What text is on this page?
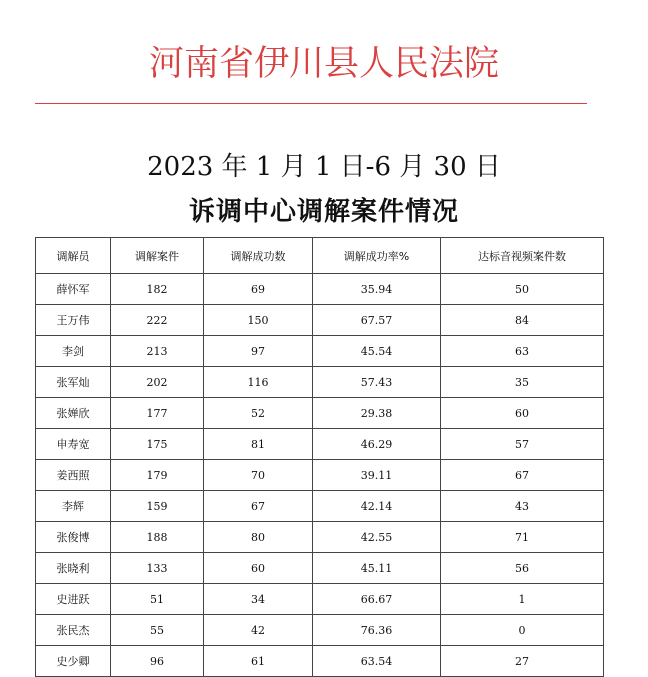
河南省伊川县人民法院
2023 年 1 月 1 日-6 月 30 日
诉调中心调解案件情况
调解员	调解案件	调解成功数	调解成功率%	达标音视频案件数
薛怀军	182	69	35.94	50
王万伟	222	150	67.57	84
李剑	213	97	45.54	63
张军灿	202	116	57.43	35
张婵欣	177	52	29.38	60
申寿宽	175	81	46.29	57
姜西照	179	70	39.11	67
李辉	159	67	42.14	43
张俊博	188	80	42.55	71
张晓利	133	60	45.11	56
史进跃	51	34	66.67	1
张民杰	55	42	76.36	0
史少卿	96	61	63.54	27
